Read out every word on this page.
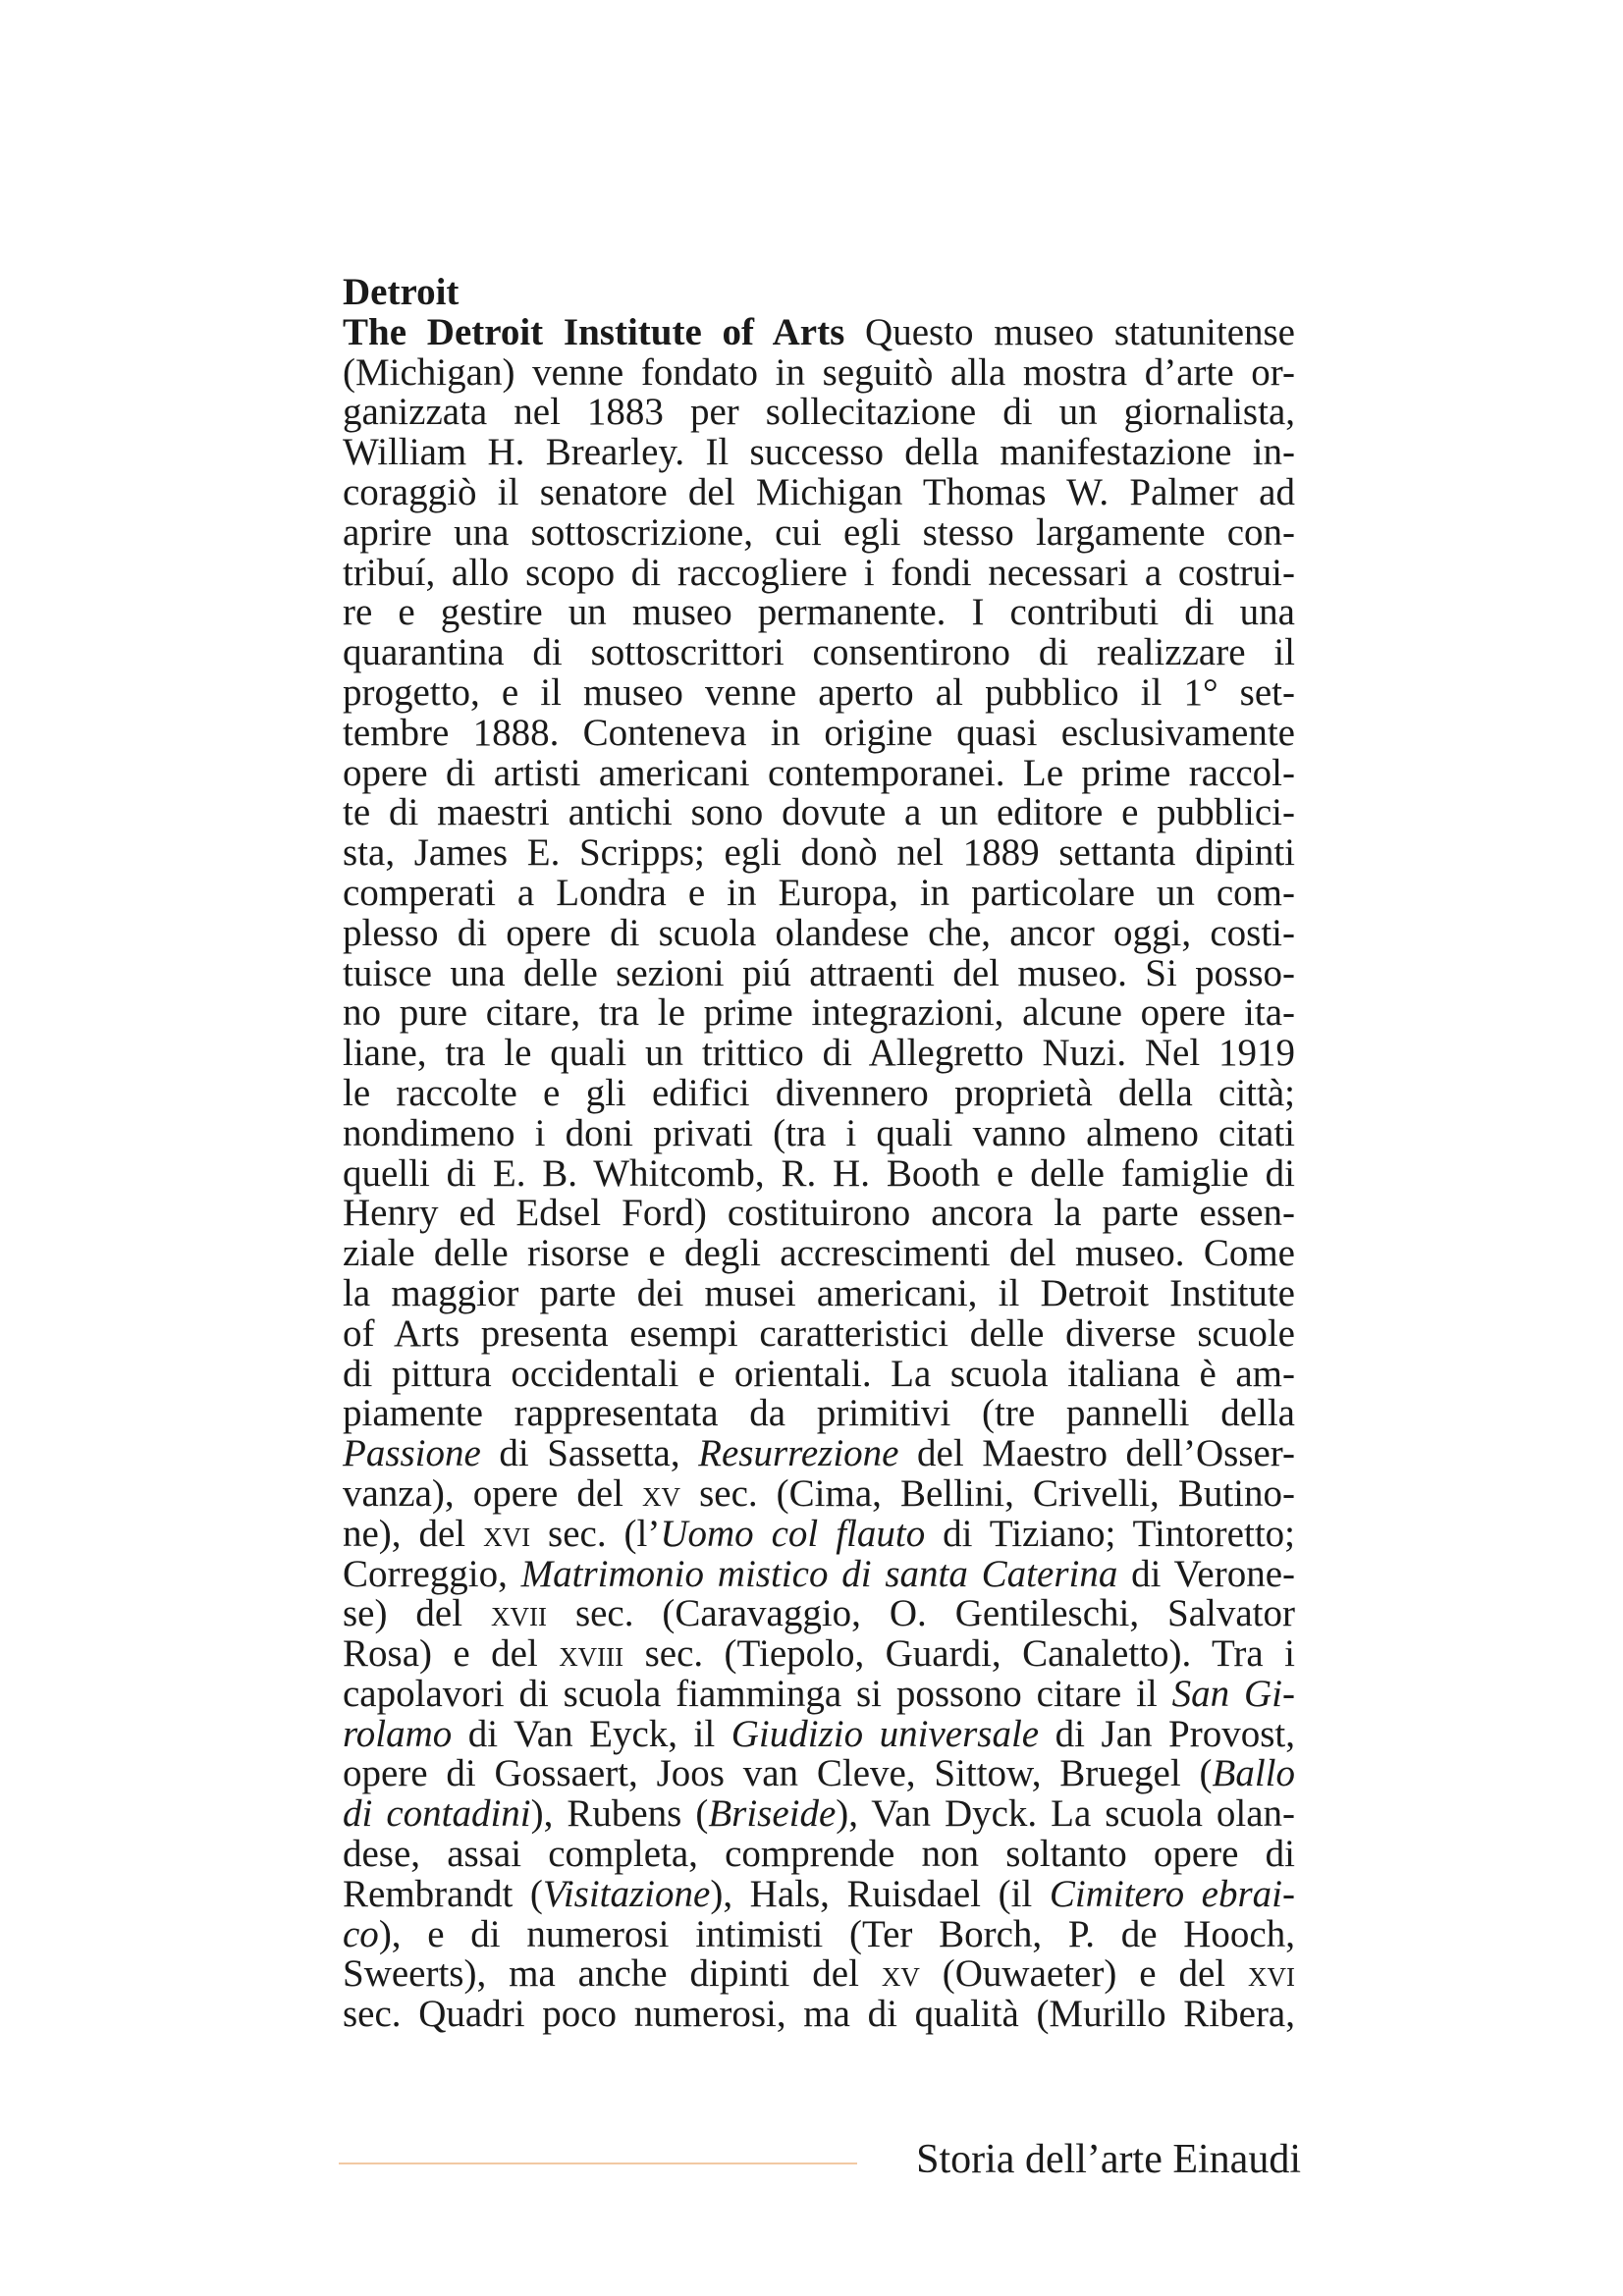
Detroit
The Detroit Institute of Arts Questo museo statunitense
(Michigan) venne fondato in seguitò alla mostra d’arte or-
ganizzata nel 1883 per sollecitazione di un giornalista,
William H. Brearley. Il successo della manifestazione in-
coraggiò il senatore del Michigan Thomas W. Palmer ad
aprire una sottoscrizione, cui egli stesso largamente con-
tribuí, allo scopo di raccogliere i fondi necessari a costrui-
re e gestire un museo permanente. I contributi di una
quarantina di sottoscrittori consentirono di realizzare il
progetto, e il museo venne aperto al pubblico il 1° set-
tembre 1888. Conteneva in origine quasi esclusivamente
opere di artisti americani contemporanei. Le prime raccol-
te di maestri antichi sono dovute a un editore e pubblici-
sta, James E. Scripps; egli donò nel 1889 settanta dipinti
comperati a Londra e in Europa, in particolare un com-
plesso di opere di scuola olandese che, ancor oggi, costi-
tuisce una delle sezioni piú attraenti del museo. Si posso-
no pure citare, tra le prime integrazioni, alcune opere ita-
liane, tra le quali un trittico di Allegretto Nuzi. Nel 1919
le raccolte e gli edifici divennero proprietà della città;
nondimeno i doni privati (tra i quali vanno almeno citati
quelli di E. B. Whitcomb, R. H. Booth e delle famiglie di
Henry ed Edsel Ford) costituirono ancora la parte essen-
ziale delle risorse e degli accrescimenti del museo. Come
la maggior parte dei musei americani, il Detroit Institute
of Arts presenta esempi caratteristici delle diverse scuole
di pittura occidentali e orientali. La scuola italiana è am-
piamente rappresentata da primitivi (tre pannelli della
Passione di Sassetta, Resurrezione del Maestro dell’Osser-
vanza), opere del xv sec. (Cima, Bellini, Crivelli, Butino-
ne), del xvi sec. (l’Uomo col flauto di Tiziano; Tintoretto;
Correggio, Matrimonio mistico di santa Caterina di Verone-
se) del xvii sec. (Caravaggio, O. Gentileschi, Salvator
Rosa) e del xviii sec. (Tiepolo, Guardi, Canaletto). Tra i
capolavori di scuola fiamminga si possono citare il San Gi-
rolamo di Van Eyck, il Giudizio universale di Jan Provost,
opere di Gossaert, Joos van Cleve, Sittow, Bruegel (Ballo
di contadini), Rubens (Briseide), Van Dyck. La scuola olan-
dese, assai completa, comprende non soltanto opere di
Rembrandt (Visitazione), Hals, Ruisdael (il Cimitero ebrai-
co), e di numerosi intimisti (Ter Borch, P. de Hooch,
Sweerts), ma anche dipinti del xv (Ouwaeter) e del xvi
sec. Quadri poco numerosi, ma di qualità (Murillo Ribera,
Storia dell’arte Einaudi
